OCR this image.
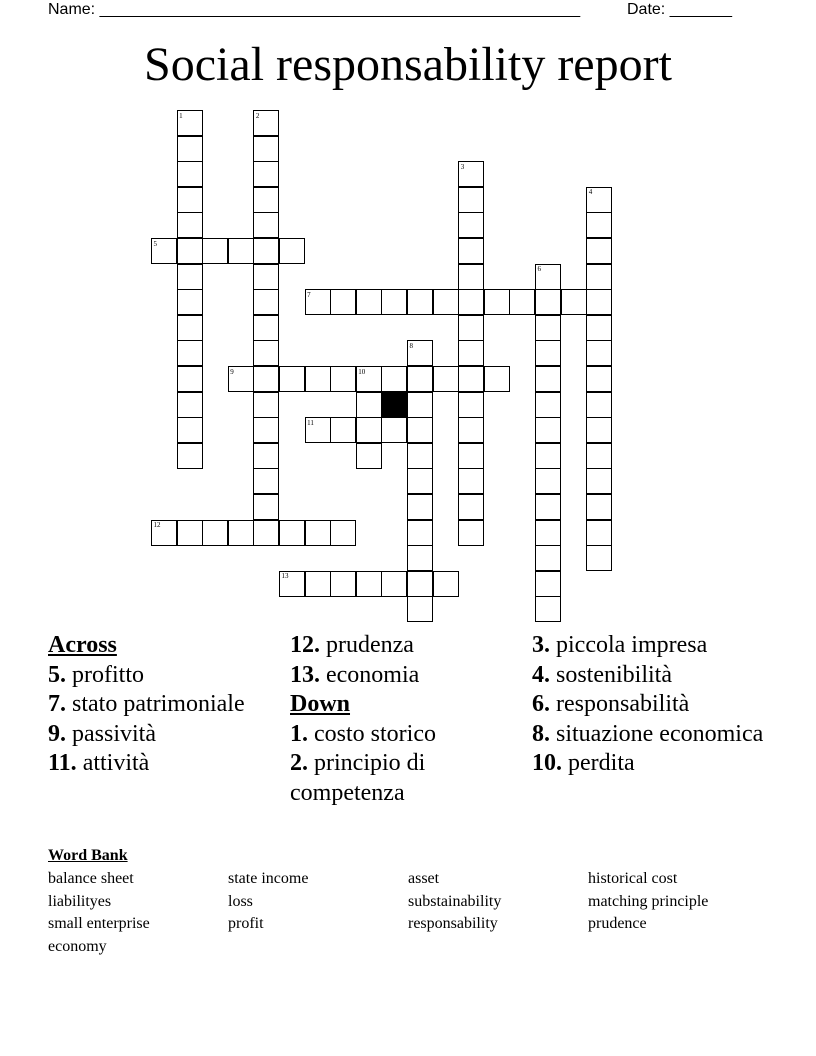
Name: ______________________________________________________	Date: _______
Social responsability report
1	2
3
4
5
6
7
8
9	10
11
12
13
Across
5. profitto
7. stato patrimoniale
9. passività
11. attività
12. prudenza
13. economia
Down
1. costo storico
2. principio di competenza
3. piccola impresa
4. sostenibilità
6. responsabilità
8. situazione economica
10. perdita
Word Bank
balance sheet	state income	asset	historical cost
liabilityes	loss	substainability	matching principle
small enterprise	profit	responsability	prudence
economy
